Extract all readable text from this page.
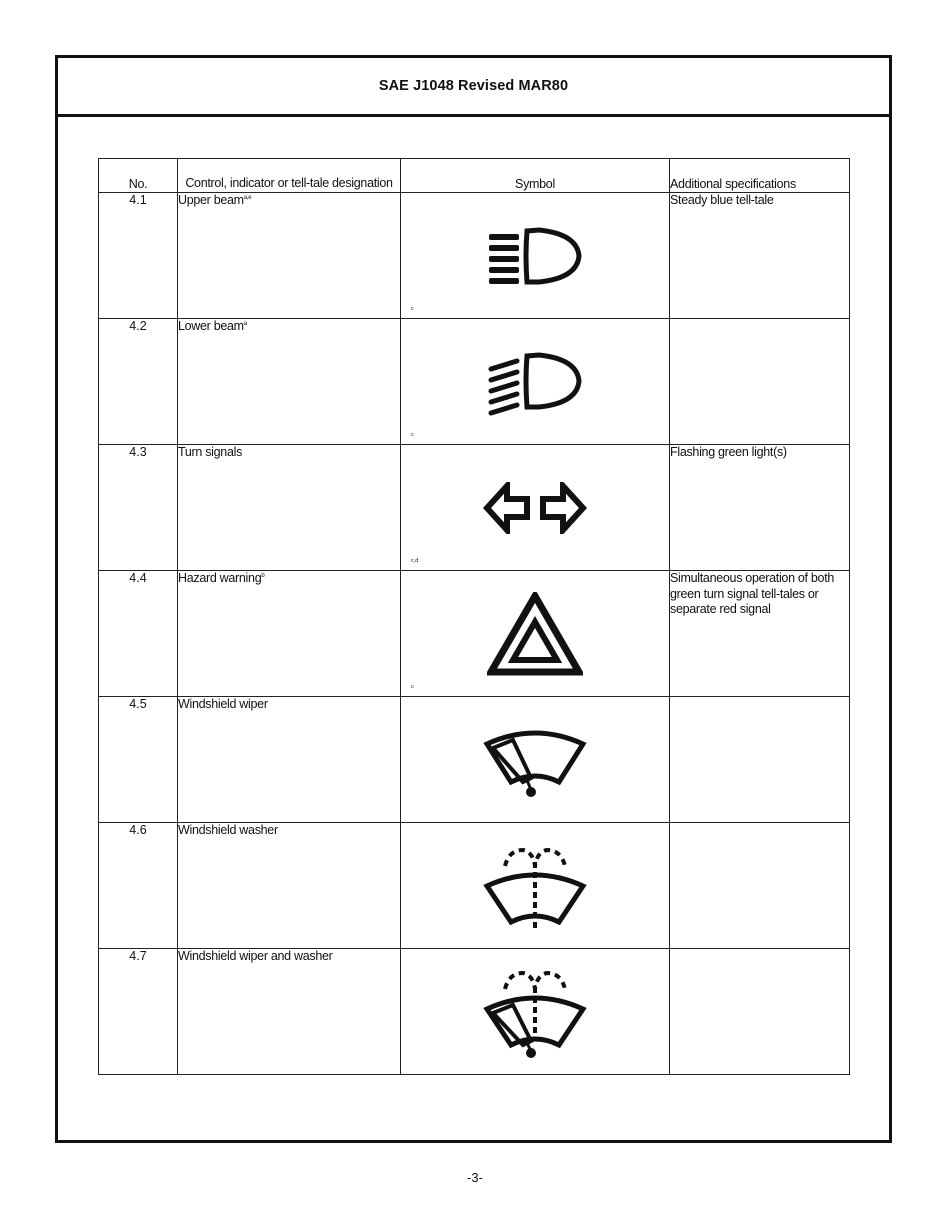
SAE J1048 Revised MAR80
No.	Control, indicator or tell-tale designation	Symbol	Additional specifications
4.1	Upper beam$^{a,e}$	c	Steady blue tell-tale
4.2	Lower beam$^a$	c	

4.3	Turn signals	c,d	Flashing green light(s)
4.4	Hazard warning$^b$	c	Simultaneous operation of both green turn signal tell-tales or separate red signal
4.5	Windshield wiper	

4.6	Windshield washer	

4.7	Windshield wiper and washer	

-3-
